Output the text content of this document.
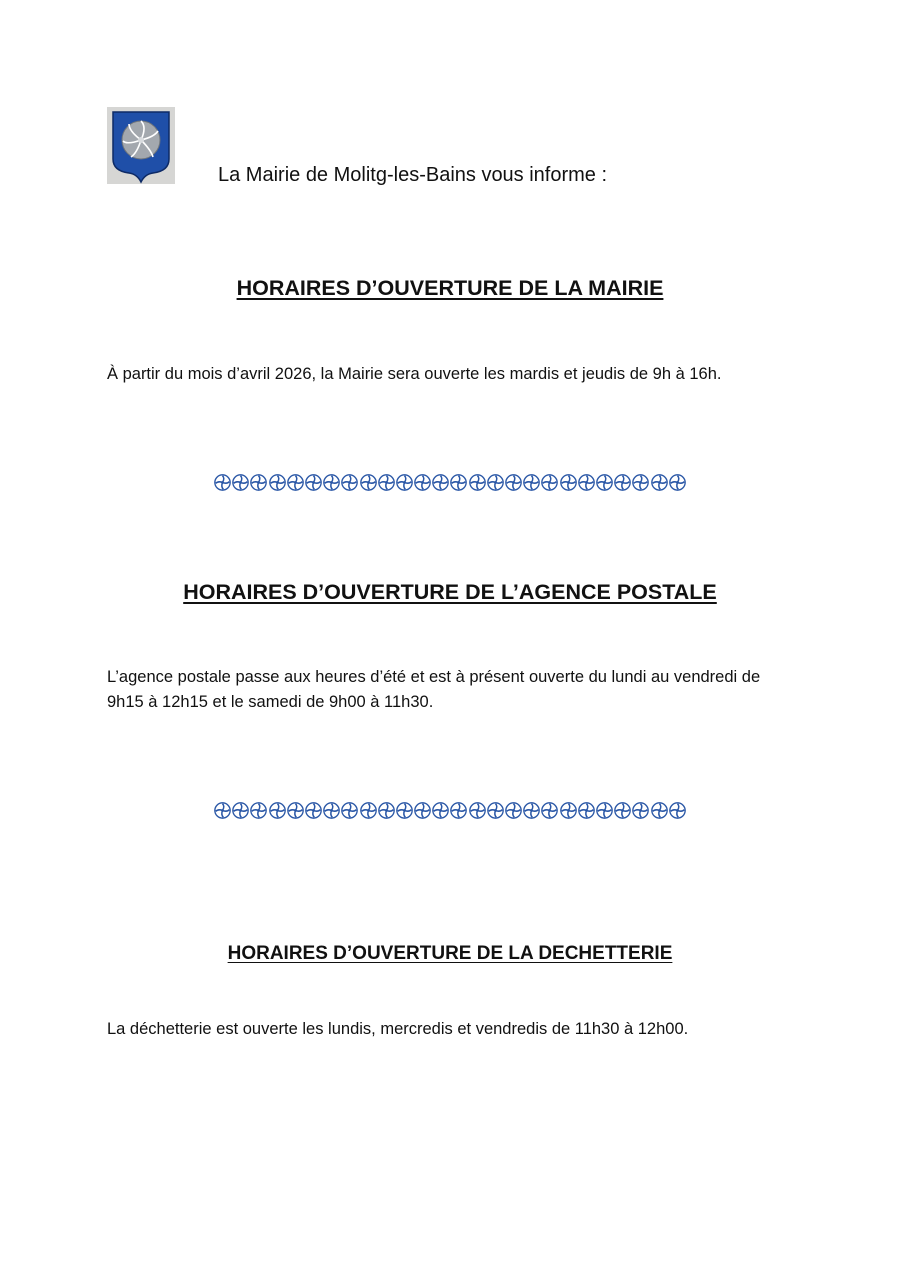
La Mairie de Molitg-les-Bains vous informe :
HORAIRES D’OUVERTURE DE LA MAIRIE
À partir du mois d’avril 2026, la Mairie sera ouverte les mardis et jeudis de 9h à 16h.
HORAIRES D’OUVERTURE DE L’AGENCE POSTALE
L’agence postale passe aux heures d’été et est à présent ouverte du lundi au vendredi de 9h15 à 12h15 et le samedi de 9h00 à 11h30.
HORAIRES D’OUVERTURE DE LA DECHETTERIE
La déchetterie est ouverte les lundis, mercredis et vendredis de 11h30 à 12h00.
